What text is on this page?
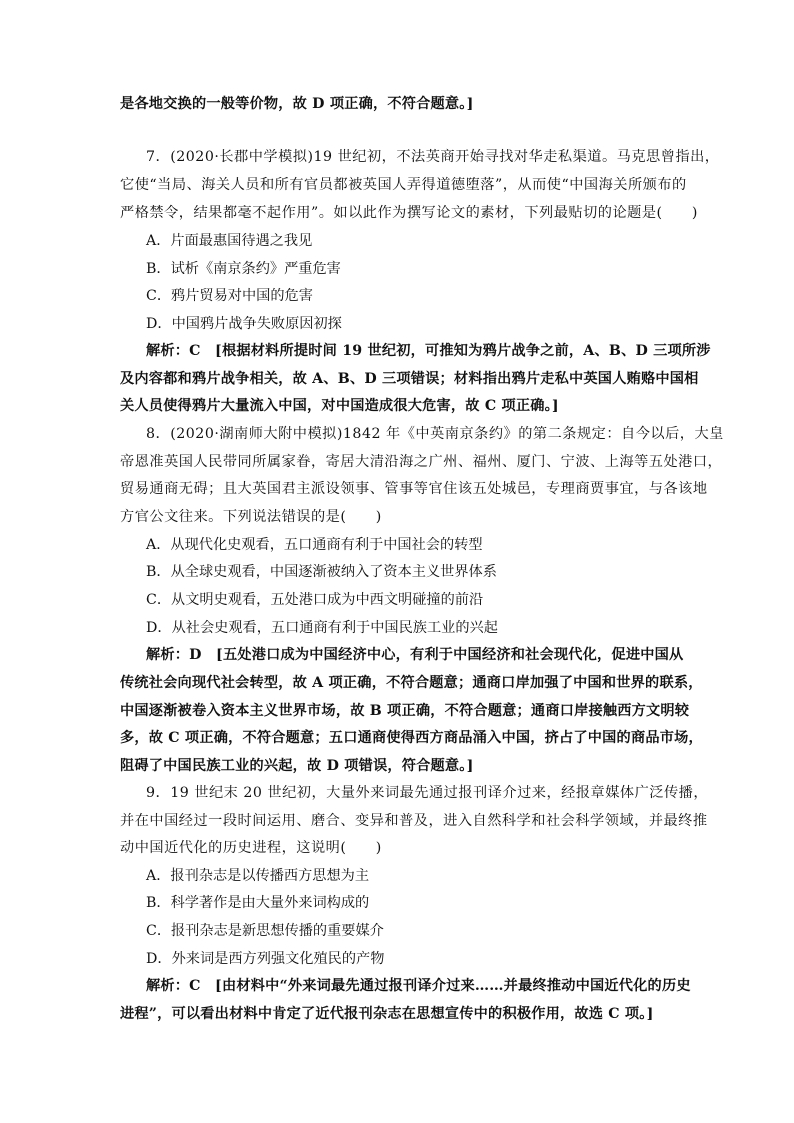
是各地交换的一般等价物，故 D 项正确，不符合题意。]
7．(2020·长郡中学模拟)19 世纪初，不法英商开始寻找对华走私渠道。马克思曾指出，
它使“当局、海关人员和所有官员都被英国人弄得道德堕落”，从而使“中国海关所颁布的
严格禁令，结果都毫不起作用”。如以此作为撰写论文的素材，下列最贴切的论题是(　　)
A．片面最惠国待遇之我见
B．试析《南京条约》严重危害
C．鸦片贸易对中国的危害
D．中国鸦片战争失败原因初探
解析：C　[根据材料所提时间 19 世纪初，可推知为鸦片战争之前，A、B、D 三项所涉
及内容都和鸦片战争相关，故 A、B、D 三项错误；材料指出鸦片走私中英国人贿赂中国相
关人员使得鸦片大量流入中国，对中国造成很大危害，故 C 项正确。]
8．(2020·湖南师大附中模拟)1842 年《中英南京条约》的第二条规定：自今以后，大皇
帝恩准英国人民带同所属家眷，寄居大清沿海之广州、福州、厦门、宁波、上海等五处港口，
贸易通商无碍；且大英国君主派设领事、管事等官住该五处城邑，专理商贾事宜，与各该地
方官公文往来。下列说法错误的是(　　)
A．从现代化史观看，五口通商有利于中国社会的转型
B．从全球史观看，中国逐渐被纳入了资本主义世界体系
C．从文明史观看，五处港口成为中西文明碰撞的前沿
D．从社会史观看，五口通商有利于中国民族工业的兴起
解析：D　[五处港口成为中国经济中心，有利于中国经济和社会现代化，促进中国从
传统社会向现代社会转型，故 A 项正确，不符合题意；通商口岸加强了中国和世界的联系，
中国逐渐被卷入资本主义世界市场，故 B 项正确，不符合题意；通商口岸接触西方文明较
多，故 C 项正确，不符合题意；五口通商使得西方商品涌入中国，挤占了中国的商品市场，
阻碍了中国民族工业的兴起，故 D 项错误，符合题意。]
9．19 世纪末 20 世纪初，大量外来词最先通过报刊译介过来，经报章媒体广泛传播，
并在中国经过一段时间运用、磨合、变异和普及，进入自然科学和社会科学领域，并最终推
动中国近代化的历史进程，这说明(　　)
A．报刊杂志是以传播西方思想为主
B．科学著作是由大量外来词构成的
C．报刊杂志是新思想传播的重要媒介
D．外来词是西方列强文化殖民的产物
解析：C　[由材料中“外来词最先通过报刊译介过来……并最终推动中国近代化的历史
进程”，可以看出材料中肯定了近代报刊杂志在思想宣传中的积极作用，故选 C 项。]
